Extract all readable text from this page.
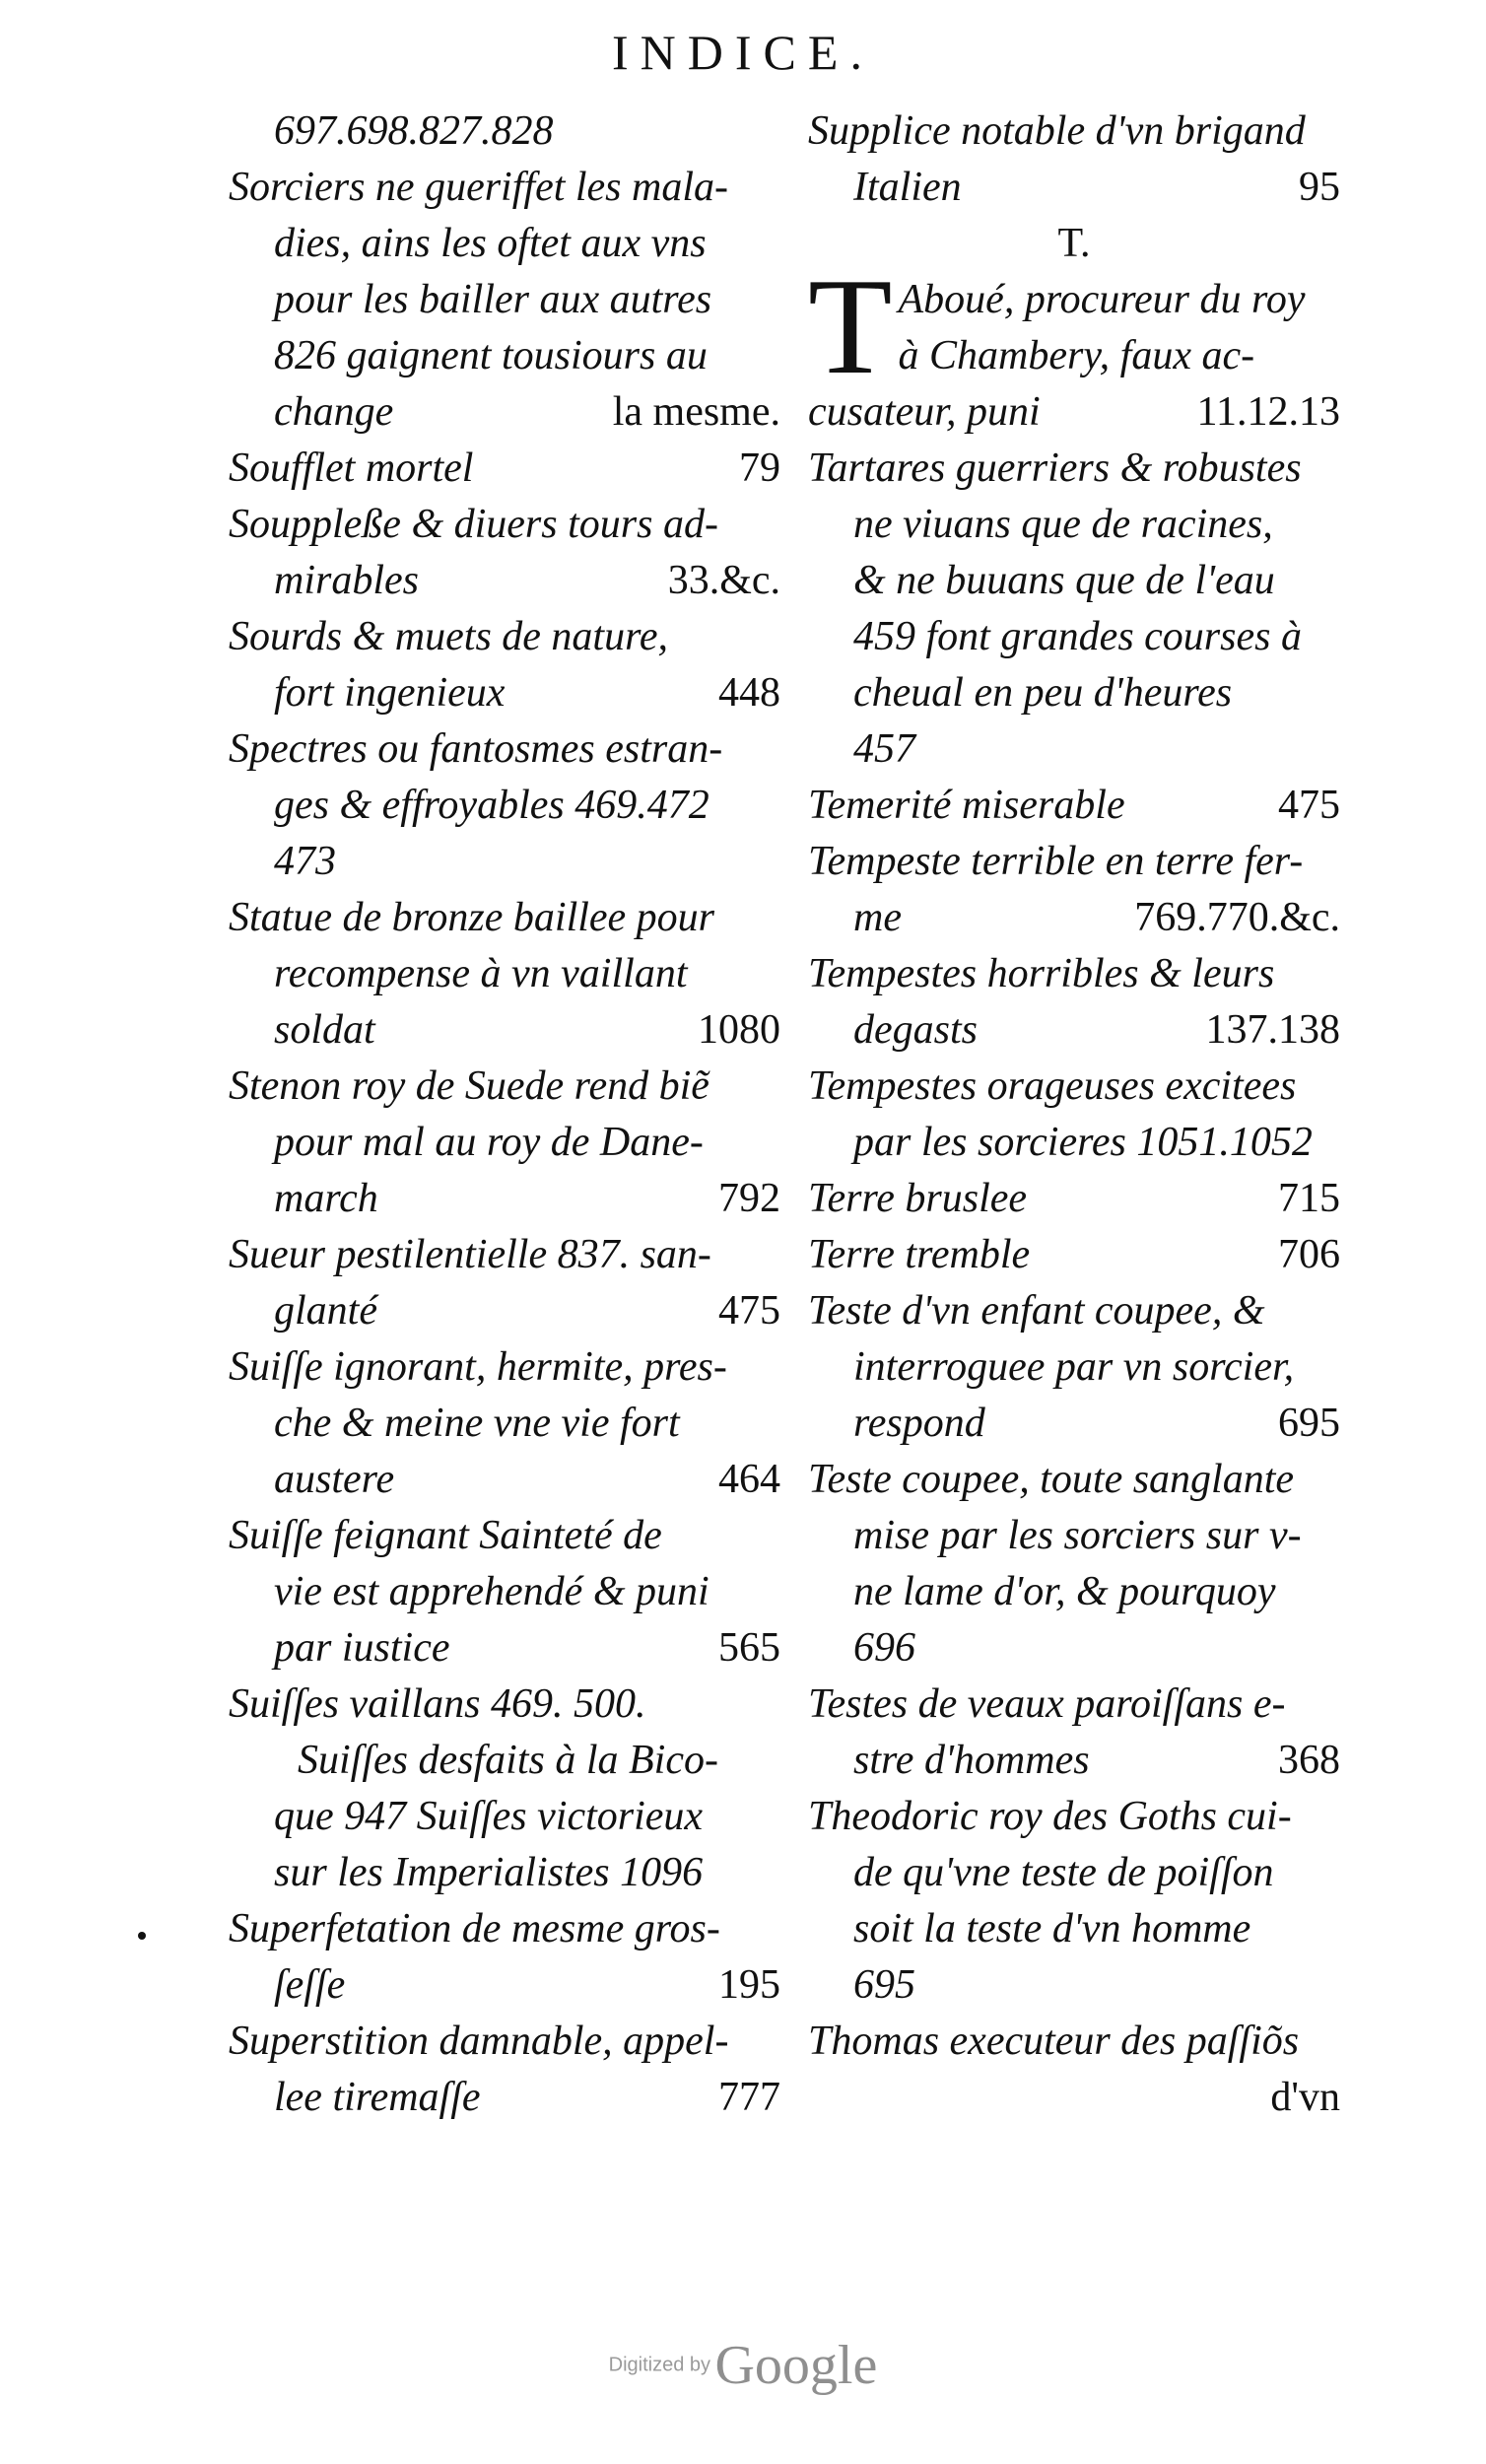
INDICE.
697.698.827.828
Sorciers ne gueriffet les mala-
dies, ains les oftet aux vns
pour les bailler aux autres
826 gaignent tousiours au
change	la mesme.
Soufflet mortel	79
Souppleße & diuers tours ad-
mirables	33.&c.
Sourds & muets de nature,
fort ingenieux	448
Spectres ou fantosmes estran-
ges & effroyables 469.472
473
Statue de bronze baillee pour
recompense à vn vaillant
soldat	1080
Stenon roy de Suede rend biẽ
pour mal au roy de Dane-
march	792
Sueur pestilentielle 837. san-
glanté	475
Suiſſe ignorant, hermite, pres-
che & meine vne vie fort
austere	464
Suiſſe feignant Sainteté de
vie est apprehendé & puni
par iustice	565
Suiſſes vaillans 469. 500.
Suiſſes desfaits à la Bico-
que 947 Suiſſes victorieux
sur les Imperialistes 1096
Superfetation de mesme gros-
ſeſſe	195
Superstition damnable, appel-
lee tiremaſſe	777
Supplice notable d'vn brigand
Italien	95
T.
T Aboué, procureur du roy
à Chambery, faux ac-
cusateur, puni	11.12.13
Tartares guerriers & robustes
ne viuans que de racines,
& ne buuans que de l'eau
459 font grandes courses à
cheual en peu d'heures
457
Temerité miserable	475
Tempeste terrible en terre fer-
me	769.770.&c.
Tempestes horribles & leurs
degasts	137.138
Tempestes orageuses excitees
par les sorcieres 1051.1052
Terre bruslee	715
Terre tremble	706
Teste d'vn enfant coupee, &
interroguee par vn sorcier,
respond	695
Teste coupee, toute sanglante
mise par les sorciers sur v-
ne lame d'or, & pourquoy
696
Testes de veaux paroiſſans e-
stre d'hommes	368
Theodoric roy des Goths cui-
de qu'vne teste de poiſſon
soit la teste d'vn homme
695
Thomas executeur des paſſiõs
d'vn
Digitized by Google
